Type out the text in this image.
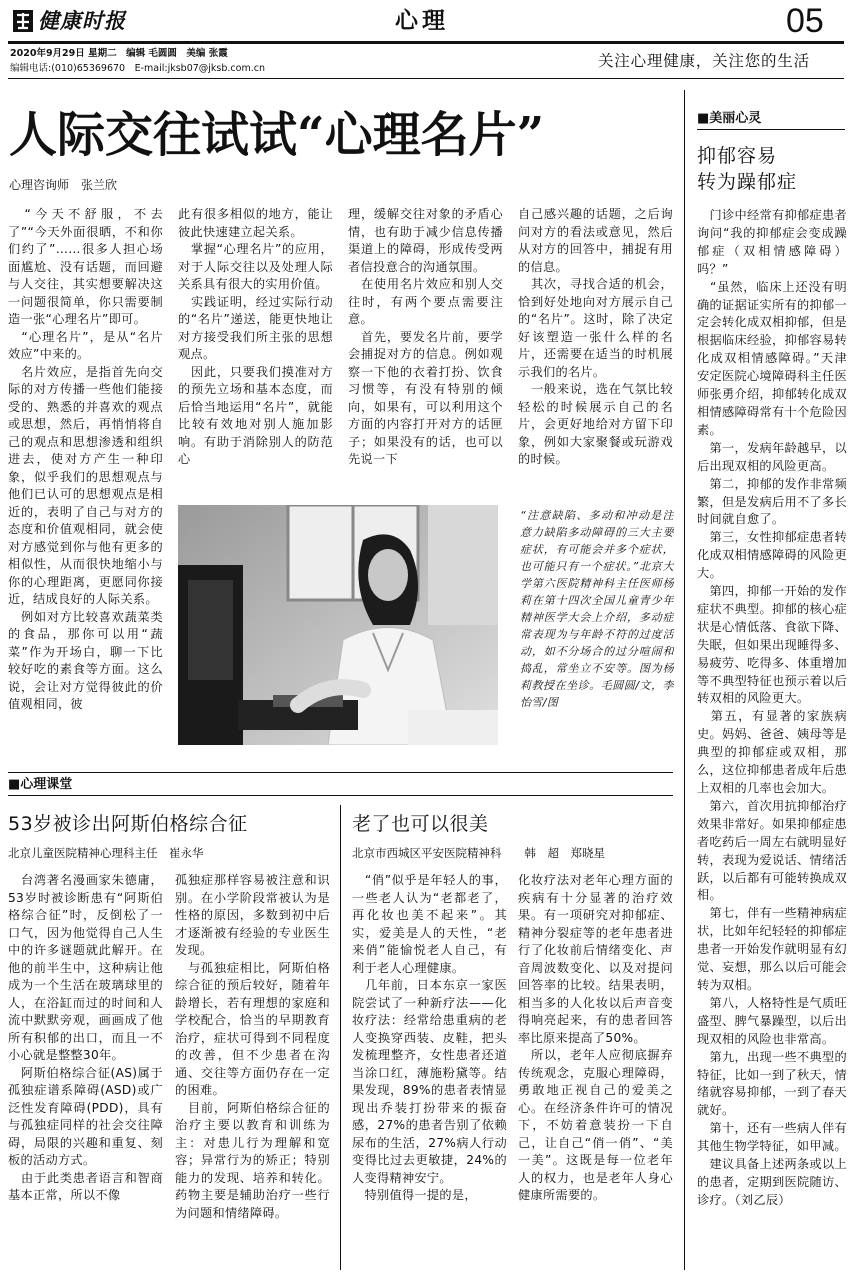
健康时报	心理	05
2020年9月29日 星期二　编辑 毛圆圆　美编 张霞
编辑电话:(010)65369670　E-mail:jksb07@jksb.com.cn	关注心理健康，关注您的生活
人际交往试试“心理名片”
心理咨询师　张兰欣
　“今天不舒服，不去了”“今天外面很晒，不和你们约了”……很多人担心场面尴尬、没有话题，而回避与人交往，其实想要解决这一问题很简单，你只需要制造一张“心理名片”即可。
　“心理名片”，是从“名片效应”中来的。
　名片效应，是指首先向交际的对方传播一些他们能接受的、熟悉的并喜欢的观点或思想，然后，再悄悄将自己的观点和思想渗透和组织进去，使对方产生一种印象，似乎我们的思想观点与他们已认可的思想观点是相近的，表明了自己与对方的态度和价值观相同，就会使对方感觉到你与他有更多的相似性，从而很快地缩小与你的心理距离，更愿同你接近，结成良好的人际关系。
　例如对方比较喜欢蔬菜类的食品，那你可以用“蔬菜”作为开场白，聊一下比较好吃的素食等方面。这么说，会让对方觉得彼此的价值观相同，彼
此有很多相似的地方，能让彼此快速建立起关系。
　掌握“心理名片”的应用，对于人际交往以及处理人际关系具有很大的实用价值。
　实践证明，经过实际行动的“名片”递送，能更快地让对方接受我们所主张的思想观点。
　因此，只要我们摸准对方的预先立场和基本态度，而后恰当地运用“名片”，就能比较有效地对别人施加影响。有助于消除别人的防范心
理，缓解交往对象的矛盾心情，也有助于减少信息传播渠道上的障碍，形成传受两者信投意合的沟通氛围。
　在使用名片效应和别人交往时，有两个要点需要注意。
　首先，要发名片前，要学会捕捉对方的信息。例如观察一下他的衣着打扮、饮食习惯等，有没有特别的倾向，如果有，可以利用这个方面的内容打开对方的话匣子；如果没有的话，也可以先说一下
自己感兴趣的话题，之后询问对方的看法或意见，然后从对方的回答中，捕捉有用的信息。
　其次，寻找合适的机会，恰到好处地向对方展示自己的“名片”。这时，除了决定好该塑造一张什么样的名片，还需要在适当的时机展示我们的名片。
　一般来说，选在气氛比较轻松的时候展示自己的名片，会更好地给对方留下印象，例如大家聚餐或玩游戏的时候。
“注意缺陷、多动和冲动是注意力缺陷多动障碍的三大主要症状，有可能会并多个症状，也可能只有一个症状。”北京大学第六医院精神科主任医师杨莉在第十四次全国儿童青少年精神医学大会上介绍，多动症常表现为与年龄不符的过度活动，如不分场合的过分喧闹和捣乱，常坐立不安等。图为杨莉教授在坐诊。毛圆圆/文，李怡雪/图
■美丽心灵
抑郁容易
转为躁郁症
　门诊中经常有抑郁症患者询问“我的抑郁症会变成躁郁症（双相情感障碍）吗？”
　“虽然，临床上还没有明确的证据证实所有的抑郁一定会转化成双相抑郁，但是根据临床经验，抑郁容易转化成双相情感障碍。”天津安定医院心境障碍科主任医师张勇介绍，抑郁转化成双相情感障碍常有十个危险因素。
　第一，发病年龄越早，以后出现双相的风险更高。
　第二，抑郁的发作非常频繁，但是发病后用不了多长时间就自愈了。
　第三，女性抑郁症患者转化成双相情感障碍的风险更大。
　第四，抑郁一开始的发作症状不典型。抑郁的核心症状是心情低落、食欲下降、失眠，但如果出现睡得多、易疲劳、吃得多、体重增加等不典型特征也预示着以后转双相的风险更大。
　第五，有显著的家族病史。妈妈、爸爸、姨母等是典型的抑郁症或双相，那么，这位抑郁患者成年后患上双相的几率也会加大。
　第六，首次用抗抑郁治疗效果非常好。如果抑郁症患者吃药后一周左右就明显好转，表现为爱说话、情绪活跃，以后都有可能转换成双相。
　第七，伴有一些精神病症状，比如年纪轻轻的抑郁症患者一开始发作就明显有幻觉、妄想，那么以后可能会转为双相。
　第八，人格特性是气质旺盛型、脾气暴躁型，以后出现双相的风险也非常高。
　第九，出现一些不典型的特征，比如一到了秋天，情绪就容易抑郁，一到了春天就好。
　第十，还有一些病人伴有其他生物学特征，如甲减。
　建议具备上述两条或以上的患者，定期到医院随访、诊疗。（刘乙辰）
■心理课堂
53岁被诊出阿斯伯格综合征
北京儿童医院精神心理科主任　崔永华
　台湾著名漫画家朱德庸，53岁时被诊断患有“阿斯伯格综合征”时，反倒松了一口气，因为他觉得自己人生中的许多谜题就此解开。在他的前半生中，这种病让他成为一个生活在玻璃球里的人，在浴缸而过的时间和人流中默默旁观，画画成了他所有积郁的出口，而且一不小心就是整整30年。
　阿斯伯格综合征(AS)属于孤独症谱系障碍(ASD)或广泛性发育障碍(PDD)，具有与孤独症同样的社会交往障碍，局限的兴趣和重复、刻板的活动方式。
　由于此类患者语言和智商基本正常，所以不像
孤独症那样容易被注意和识别。在小学阶段常被认为是性格的原因，多数到初中后才逐渐被有经验的专业医生发现。
　与孤独症相比，阿斯伯格综合征的预后较好，随着年龄增长，若有理想的家庭和学校配合，恰当的早期教育治疗，症状可得到不同程度的改善，但不少患者在沟通、交往等方面仍存在一定的困难。
　目前，阿斯伯格综合征的治疗主要以教育和训练为主：对患儿行为理解和宽容；异常行为的矫正；特别能力的发现、培养和转化。药物主要是辅助治疗一些行为问题和情绪障碍。
老了也可以很美
北京市西城区平安医院精神科　　韩　超　郑晓星
　“俏”似乎是年轻人的事，一些老人认为“老都老了，再化妆也美不起来”。其实，爱美是人的天性，“老来俏”能愉悦老人自己，有利于老人心理健康。
　几年前，日本东京一家医院尝试了一种新疗法——化妆疗法：经常给患重病的老人变换穿西装、皮鞋，把头发梳理整齐，女性患者还道当涂口红，薄施粉黛等。结果发现，89%的患者表情显现出乔装打扮带来的振奋感，27%的患者告别了依赖尿布的生活，27%病人行动变得比过去更敏捷，24%的人变得精神安宁。
　特别值得一提的是，
化妆疗法对老年心理方面的疾病有十分显著的治疗效果。有一项研究对抑郁症、精神分裂症等的老年患者进行了化妆前后情绪变化、声音周波数变化、以及对提问回答率的比较。结果表明，相当多的人化妆以后声音变得响亮起来，有的患者回答率比原来提高了50%。
　所以，老年人应彻底摒弃传统观念，克服心理障碍，勇敢地正视自己的爱美之心。在经济条件许可的情况下，不妨着意装扮一下自己，让自己“俏一俏”、“美一美”。这既是每一位老年人的权力，也是老年人身心健康所需要的。
